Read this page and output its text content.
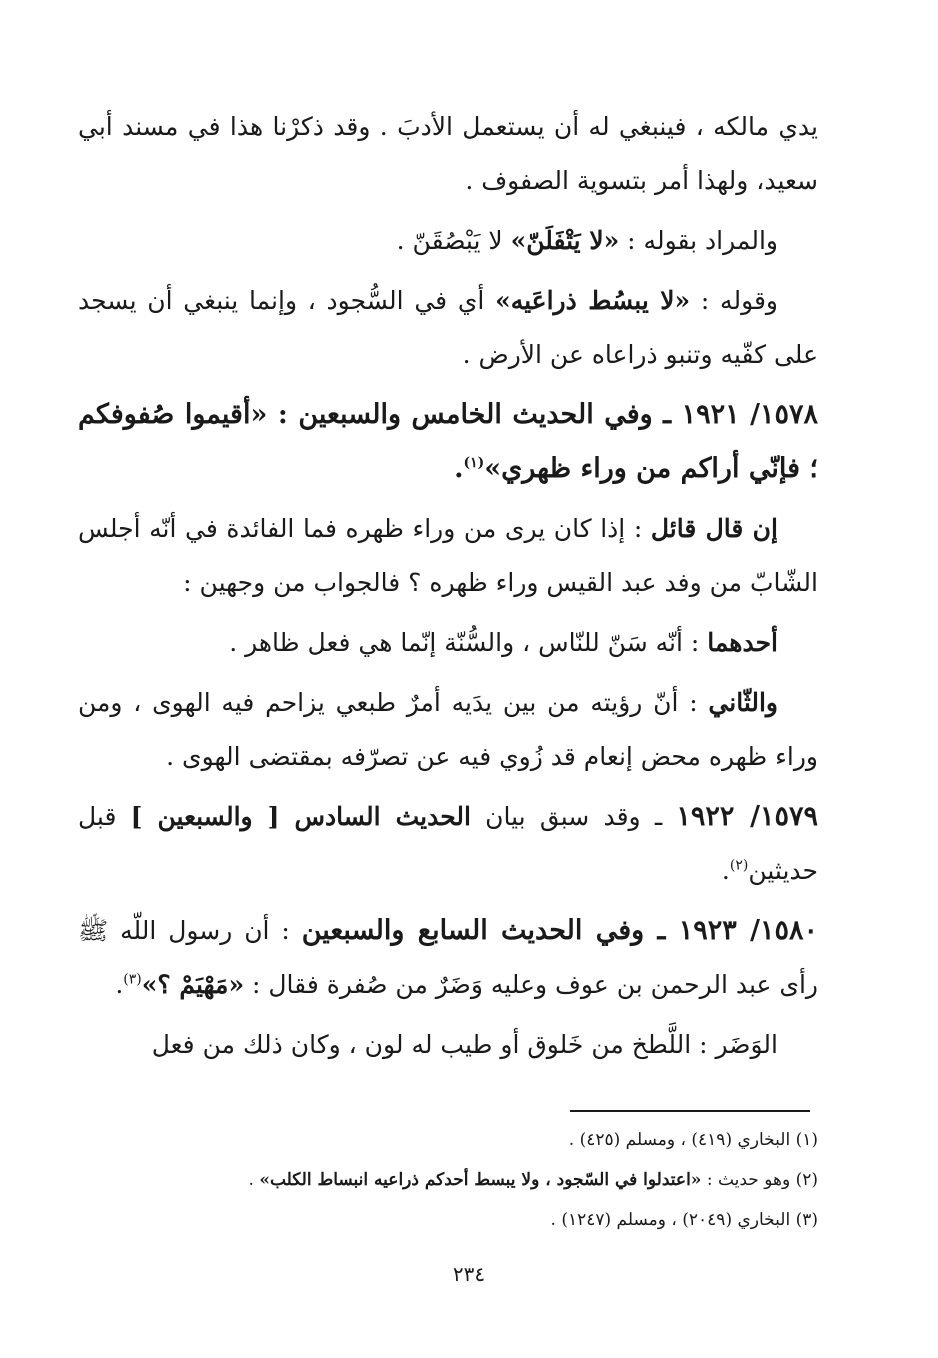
يدي مالكه ، فينبغي له أن يستعمل الأدبَ . وقد ذكرْنا هذا في مسند أبي سعيد، ولهذا أمر بتسوية الصفوف .

والمراد بقوله : «لا يَتْفَلَنّ» لا يَبْصُقَنّ .

وقوله : «لا يبسُط ذراعَيه» أي في السُّجود ، وإنما ينبغي أن يسجد على كفّيه وتنبو ذراعاه عن الأرض .

١٥٧٨/ ١٩٢١ ـ وفي الحديث الخامس والسبعين : «أقيموا صُفوفكم ؛ فإنّي أراكم من وراء ظهري»$^{(١)}$.

إن قال قائل : إذا كان يرى من وراء ظهره فما الفائدة في أنّه أجلس الشّابّ من وفد عبد القيس وراء ظهره ؟ فالجواب من وجهين :

أحدهما : أنّه سَنّ للنّاس ، والسُّنّة إنّما هي فعل ظاهر .

والثّاني : أنّ رؤيته من بين يدَيه أمرٌ طبعي يزاحم فيه الهوى ، ومن وراء ظهره محض إنعام قد زُوي فيه عن تصرّفه بمقتضى الهوى .

١٥٧٩/ ١٩٢٢ ـ وقد سبق بيان الحديث السادس [ والسبعين ] قبل حديثين$^{(٢)}$.

١٥٨٠/ ١٩٢٣ ـ وفي الحديث السابع والسبعين : أن رسول اللّه ﷺ رأى عبد الرحمن بن عوف وعليه وَضَرٌ من صُفرة فقال : «مَهْيَمْ ؟»$^{(٣)}$.

الوَضَر : اللَّطخ من خَلوق أو طيب له لون ، وكان ذلك من فعل

(١) البخاري (٤١٩) ، ومسلم (٤٢٥) .

(٢) وهو حديث : «اعتدلوا في السّجود ، ولا يبسط أحدكم ذراعيه انبساط الكلب» .

(٣) البخاري (٢٠٤٩) ، ومسلم (١٢٤٧) .

٢٣٤
